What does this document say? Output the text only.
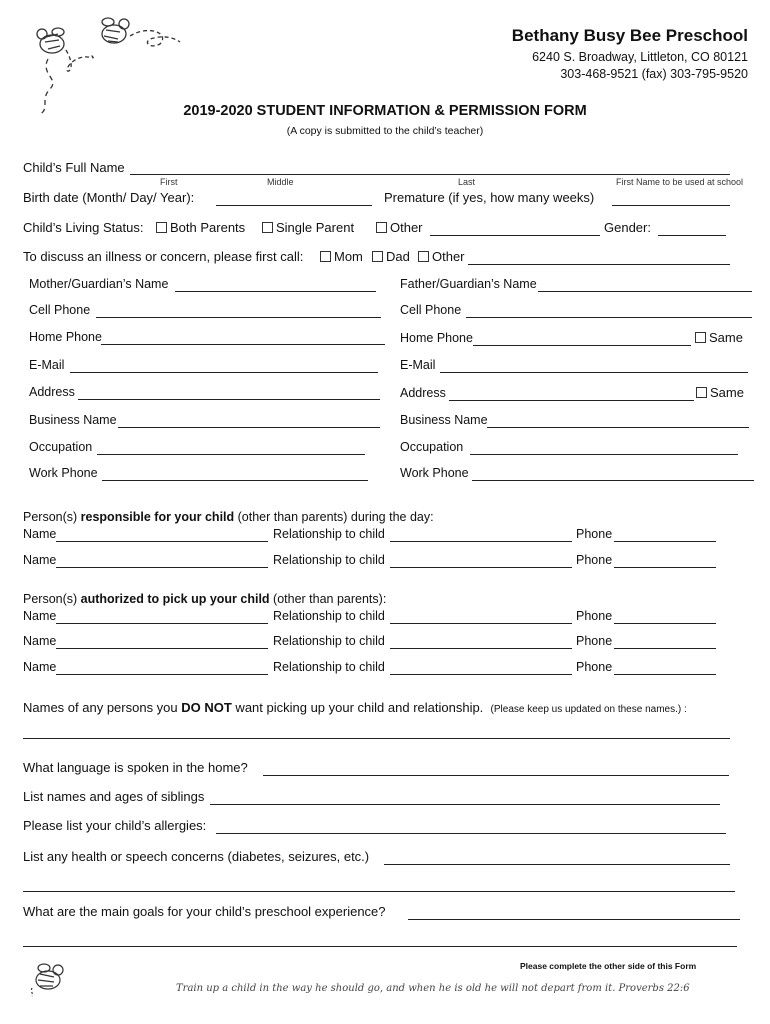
Bethany Busy Bee Preschool
6240 S. Broadway, Littleton, CO 80121
303-468-9521 (fax) 303-795-9520
2019-2020 STUDENT INFORMATION & PERMISSION FORM
(A copy is submitted to the child’s teacher)
Child’s Full Name
First	Middle	Last	First Name to be used at school
Birth date (Month/ Day/ Year):	Premature (if yes, how many weeks)
Child’s Living Status:	Both Parents	Single Parent	Other	Gender:
To discuss an illness or concern, please first call:	Mom	Dad	Other
Mother/Guardian’s Name	Father/Guardian’s Name
Cell Phone	Cell Phone
Home Phone	Home Phone	Same
E-Mail	E-Mail
Address	Address	Same
Business Name	Business Name
Occupation	Occupation
Work Phone	Work Phone
Person(s) responsible for your child (other than parents) during the day:
Name	Relationship to child	Phone
Name	Relationship to child	Phone
Person(s) authorized to pick up your child (other than parents):
Name	Relationship to child	Phone
Name	Relationship to child	Phone
Name	Relationship to child	Phone
Names of any persons you DO NOT want picking up your child and relationship. (Please keep us updated on these names.) :
What language is spoken in the home?
List names and ages of siblings
Please list your child’s allergies:
List any health or speech concerns (diabetes, seizures, etc.)
What are the main goals for your child’s preschool experience?
Please complete the other side of this Form
Train up a child in the way he should go, and when he is old he will not depart from it. Proverbs 22:6
